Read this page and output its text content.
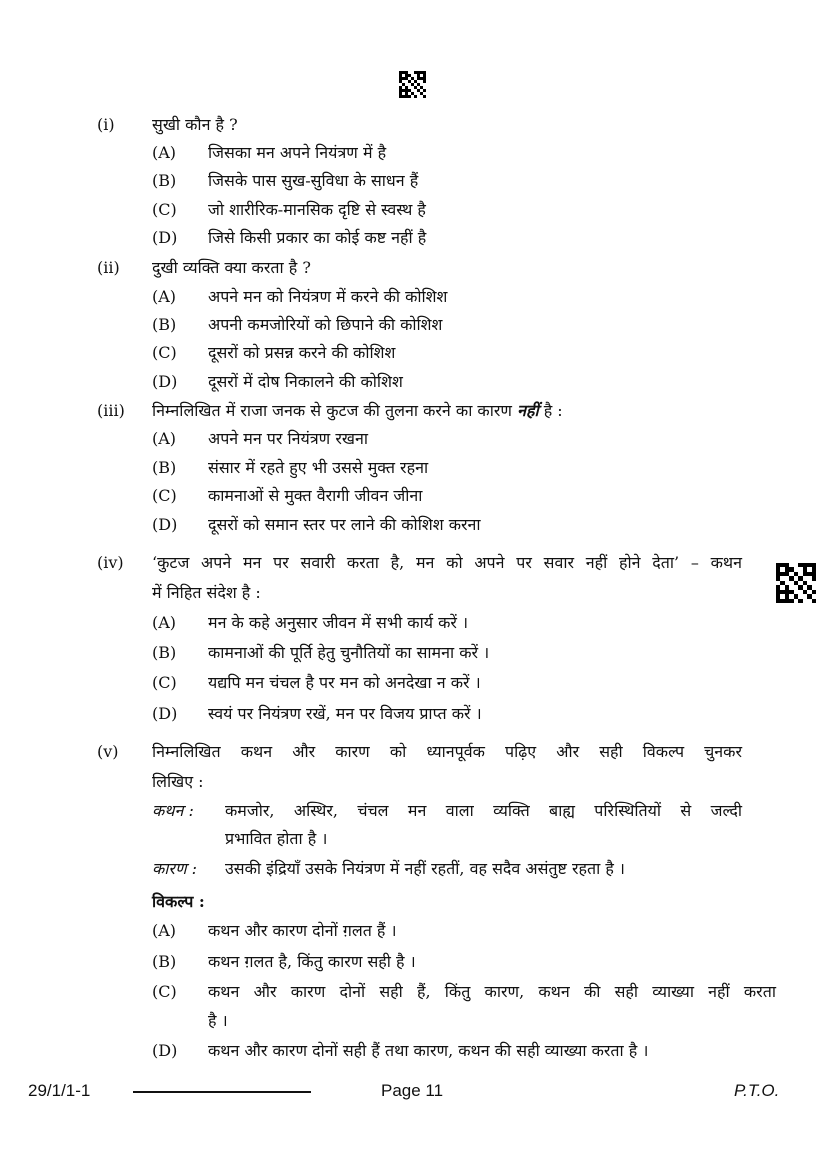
(i) सुखी कौन है ?
(A) जिसका मन अपने नियंत्रण में है
(B) जिसके पास सुख-सुविधा के साधन हैं
(C) जो शारीरिक-मानसिक दृष्टि से स्वस्थ है
(D) जिसे किसी प्रकार का कोई कष्ट नहीं है
(ii) दुखी व्यक्ति क्या करता है ?
(A) अपने मन को नियंत्रण में करने की कोशिश
(B) अपनी कमजोरियों को छिपाने की कोशिश
(C) दूसरों को प्रसन्न करने की कोशिश
(D) दूसरों में दोष निकालने की कोशिश
(iii) निम्नलिखित में राजा जनक से कुटज की तुलना करने का कारण नहीं है :
(A) अपने मन पर नियंत्रण रखना
(B) संसार में रहते हुए भी उससे मुक्त रहना
(C) कामनाओं से मुक्त वैरागी जीवन जीना
(D) दूसरों को समान स्तर पर लाने की कोशिश करना
(iv) ‘कुटज अपने मन पर सवारी करता है, मन को अपने पर सवार नहीं होने देता’ – कथन
में निहित संदेश है :
(A) मन के कहे अनुसार जीवन में सभी कार्य करें ।
(B) कामनाओं की पूर्ति हेतु चुनौतियों का सामना करें ।
(C) यद्यपि मन चंचल है पर मन को अनदेखा न करें ।
(D) स्वयं पर नियंत्रण रखें, मन पर विजय प्राप्त करें ।
(v) निम्नलिखित कथन और कारण को ध्यानपूर्वक पढ़िए और सही विकल्प चुनकर
लिखिए :
कथन : कमजोर, अस्थिर, चंचल मन वाला व्यक्ति बाह्य परिस्थितियों से जल्दी
प्रभावित होता है ।
कारण : उसकी इंद्रियाँ उसके नियंत्रण में नहीं रहतीं, वह सदैव असंतुष्ट रहता है ।
विकल्प :
(A) कथन और कारण दोनों ग़लत हैं ।
(B) कथन ग़लत है, किंतु कारण सही है ।
(C) कथन और कारण दोनों सही हैं, किंतु कारण, कथन की सही व्याख्या नहीं करता
है ।
(D) कथन और कारण दोनों सही हैं तथा कारण, कथन की सही व्याख्या करता है ।
29/1/1-1	Page 11	P.T.O.
